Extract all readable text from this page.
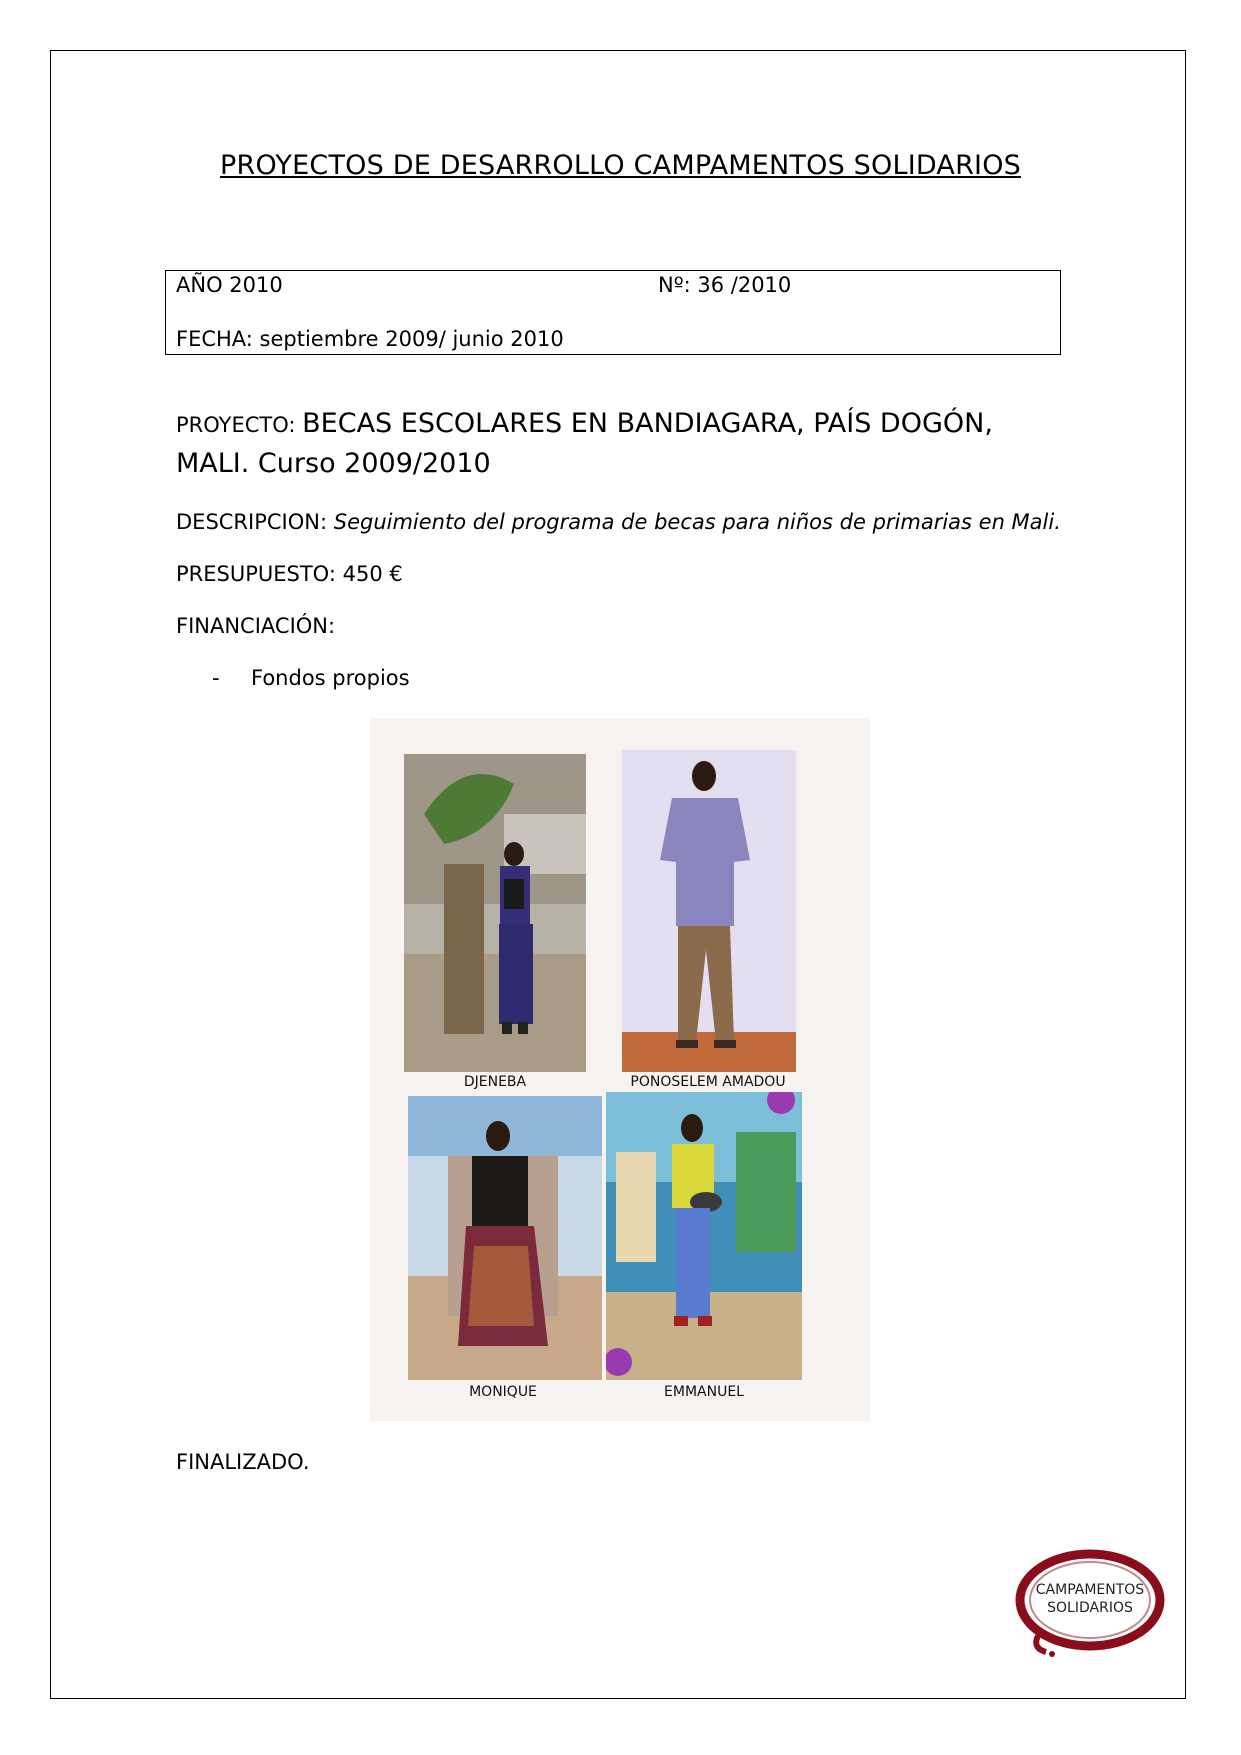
PROYECTOS DE DESARROLLO CAMPAMENTOS SOLIDARIOS
AÑO 2010	Nº: 36 /2010
FECHA: septiembre 2009/ junio 2010
PROYECTO: BECAS ESCOLARES EN BANDIAGARA, PAÍS DOGÓN,
MALI. Curso 2009/2010
DESCRIPCION: Seguimiento del programa de becas para niños de primarias en Mali.
PRESUPUESTO: 450 €
FINANCIACIÓN:
- Fondos propios
DJENEBA	PONOSELEM AMADOU
MONIQUE	EMMANUEL
FINALIZADO.
CAMPAMENTOS
SOLIDARIOS
